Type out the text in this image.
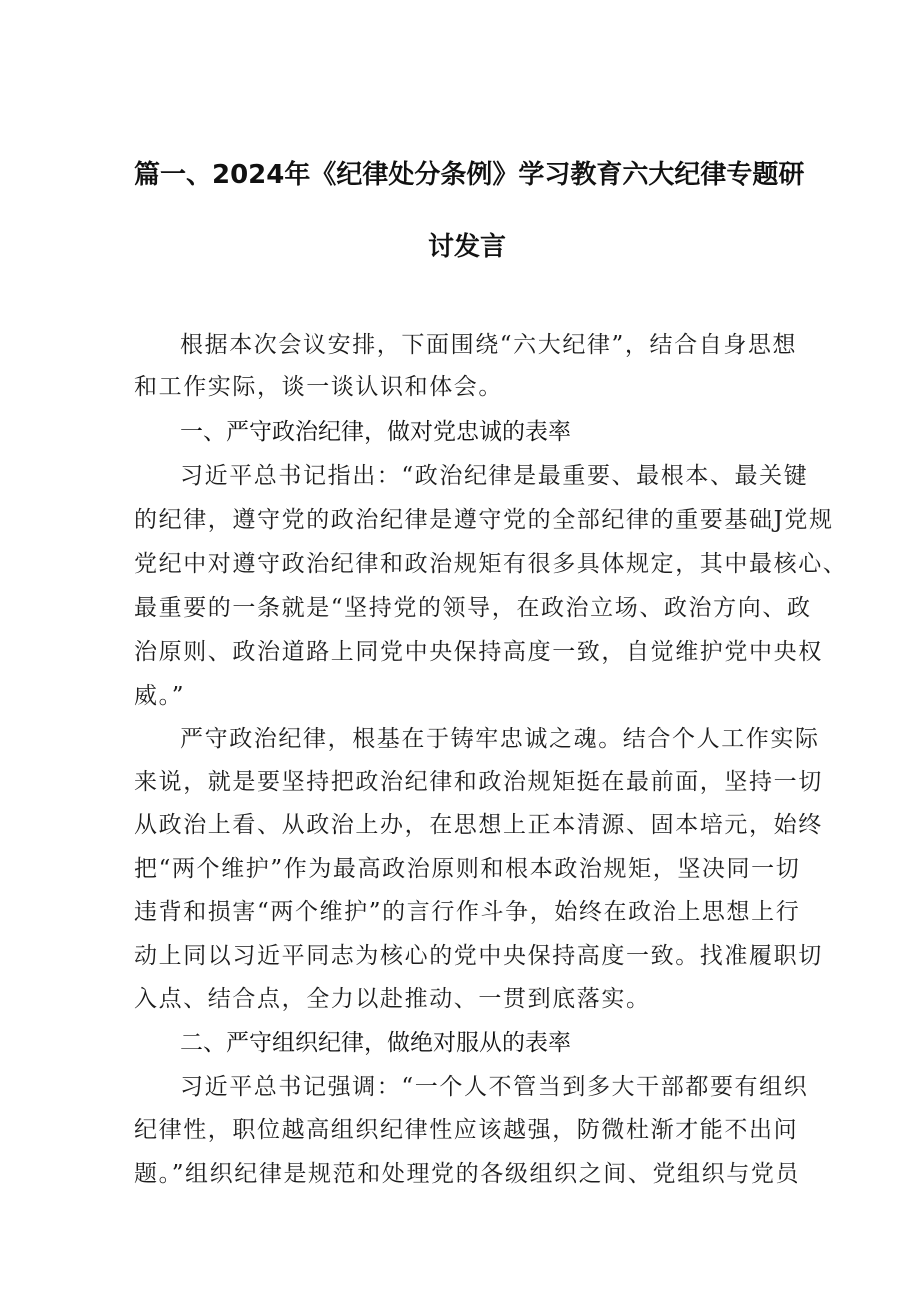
篇一、2024年《纪律处分条例》学习教育六大纪律专题研
讨发言
根据本次会议安排，下面围绕“六大纪律”，结合自身思想
和工作实际，谈一谈认识和体会。
一、严守政治纪律，做对党忠诚的表率
习近平总书记指出：“政治纪律是最重要、最根本、最关键
的纪律，遵守党的政治纪律是遵守党的全部纪律的重要基础J党规
党纪中对遵守政治纪律和政治规矩有很多具体规定，其中最核心、
最重要的一条就是“坚持党的领导，在政治立场、政治方向、政
治原则、政治道路上同党中央保持高度一致，自觉维护党中央权
威。”
严守政治纪律，根基在于铸牢忠诚之魂。结合个人工作实际
来说，就是要坚持把政治纪律和政治规矩挺在最前面，坚持一切
从政治上看、从政治上办，在思想上正本清源、固本培元，始终
把“两个维护”作为最高政治原则和根本政治规矩，坚决同一切
违背和损害“两个维护”的言行作斗争，始终在政治上思想上行
动上同以习近平同志为核心的党中央保持高度一致。找准履职切
入点、结合点，全力以赴推动、一贯到底落实。
二、严守组织纪律，做绝对服从的表率
习近平总书记强调：“一个人不管当到多大干部都要有组织
纪律性，职位越高组织纪律性应该越强，防微杜渐才能不出问
题。”组织纪律是规范和处理党的各级组织之间、党组织与党员
